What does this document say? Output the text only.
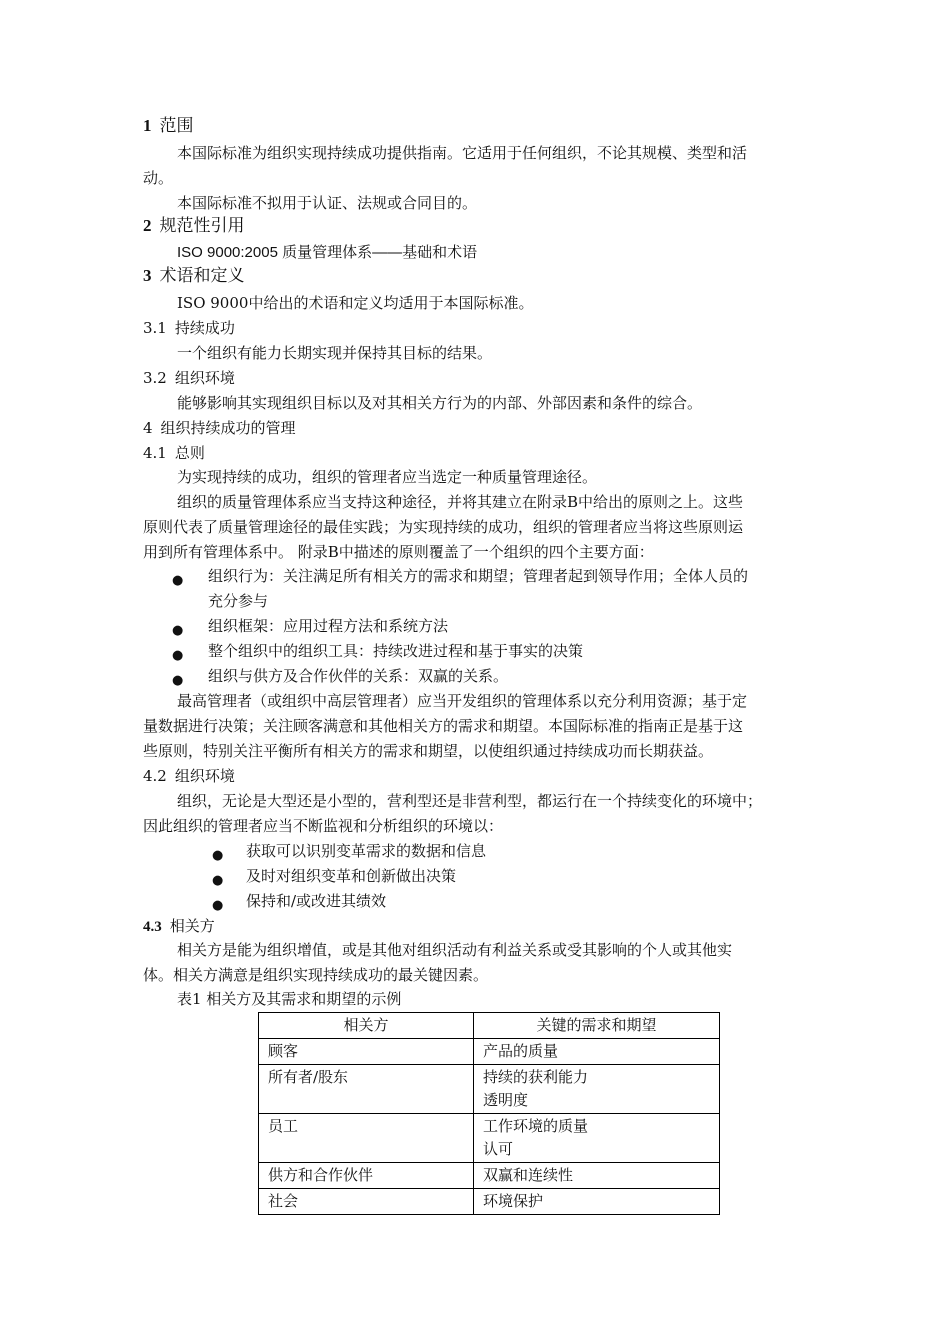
1 范围
本国际标准为组织实现持续成功提供指南。它适用于任何组织，不论其规模、类型和活
动。
本国际标准不拟用于认证、法规或合同目的。
2 规范性引用
ISO 9000:2005 质量管理体系——基础和术语
3 术语和定义
ISO 9000中给出的术语和定义均适用于本国际标准。
3.1 持续成功
一个组织有能力长期实现并保持其目标的结果。
3.2 组织环境
能够影响其实现组织目标以及对其相关方行为的内部、外部因素和条件的综合。
4 组织持续成功的管理
4.1 总则
为实现持续的成功，组织的管理者应当选定一种质量管理途径。
组织的质量管理体系应当支持这种途径，并将其建立在附录B中给出的原则之上。这些
原则代表了质量管理途径的最佳实践；为实现持续的成功，组织的管理者应当将这些原则运
用到所有管理体系中。 附录B中描述的原则覆盖了一个组织的四个主要方面：
● 组织行为：关注满足所有相关方的需求和期望；管理者起到领导作用；全体人员的
充分参与
● 组织框架：应用过程方法和系统方法
● 整个组织中的组织工具：持续改进过程和基于事实的决策
● 组织与供方及合作伙伴的关系：双赢的关系。
最高管理者（或组织中高层管理者）应当开发组织的管理体系以充分利用资源；基于定
量数据进行决策；关注顾客满意和其他相关方的需求和期望。本国际标准的指南正是基于这
些原则，特别关注平衡所有相关方的需求和期望，以使组织通过持续成功而长期获益。
4.2 组织环境
组织，无论是大型还是小型的，营利型还是非营利型，都运行在一个持续变化的环境中；
因此组织的管理者应当不断监视和分析组织的环境以：
● 获取可以识别变革需求的数据和信息
● 及时对组织变革和创新做出决策
● 保持和/或改进其绩效
4.3 相关方
相关方是能为组织增值，或是其他对组织活动有利益关系或受其影响的个人或其他实
体。相关方满意是组织实现持续成功的最关键因素。
表1 相关方及其需求和期望的示例
相关方	关键的需求和期望
顾客	产品的质量

所有者/股东	持续的获利能力
透明度

员工	工作环境的质量
认可

供方和合作伙伴	双赢和连续性

社会	环境保护
